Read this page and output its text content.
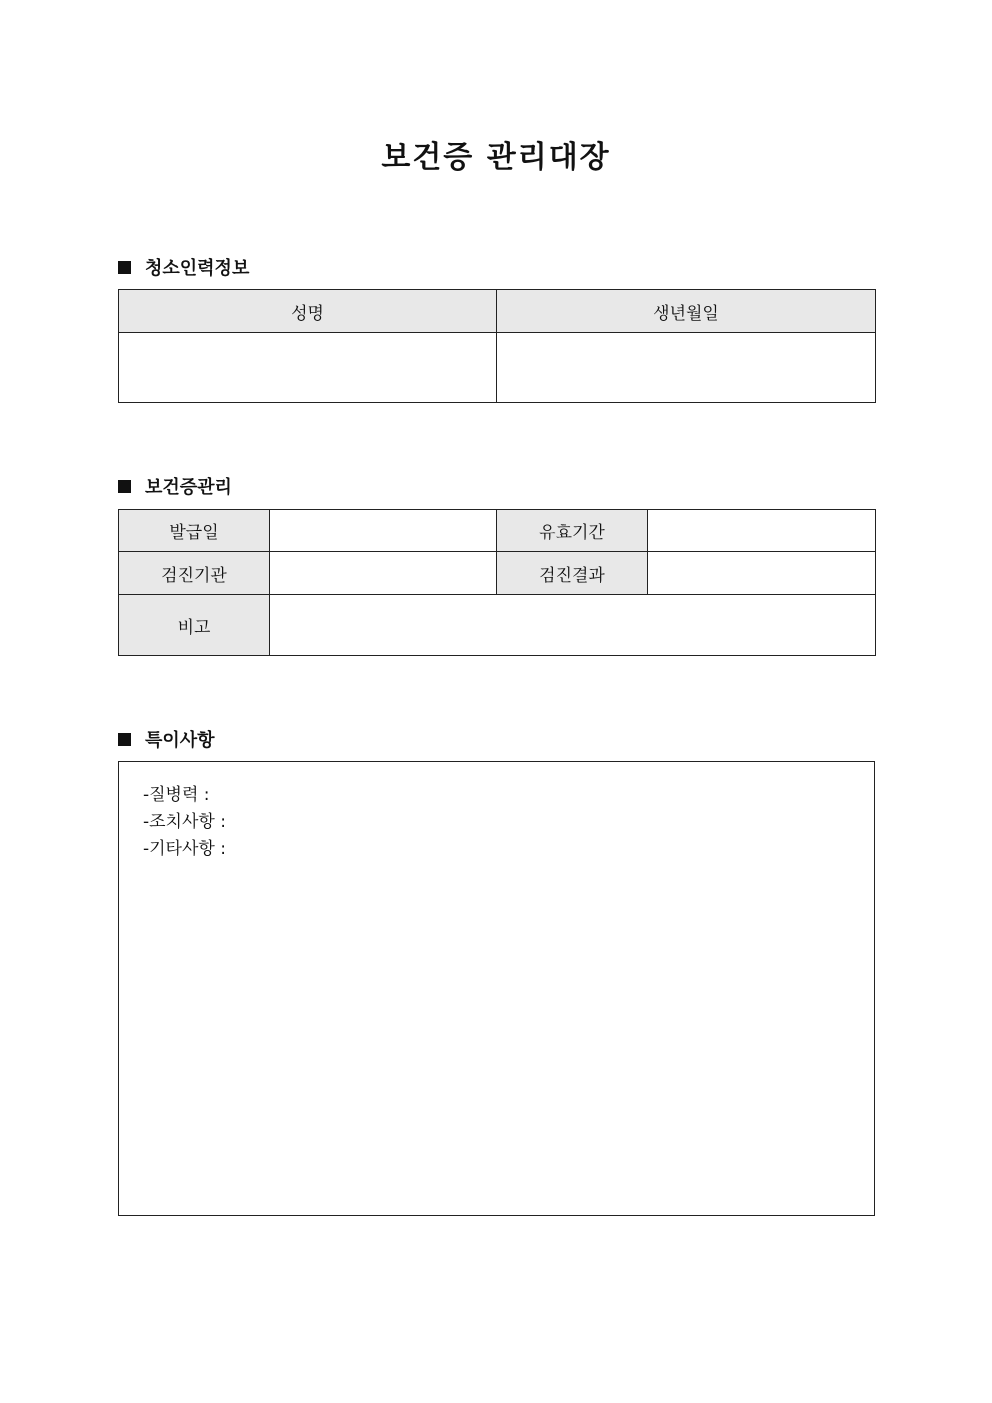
보건증 관리대장
청소인력정보
성명	생년월일

보건증관리
발급일		유효기간	
검진기관		검진결과	
비고			
특이사항
-질병력 :
-조치사항 :
-기타사항 :
